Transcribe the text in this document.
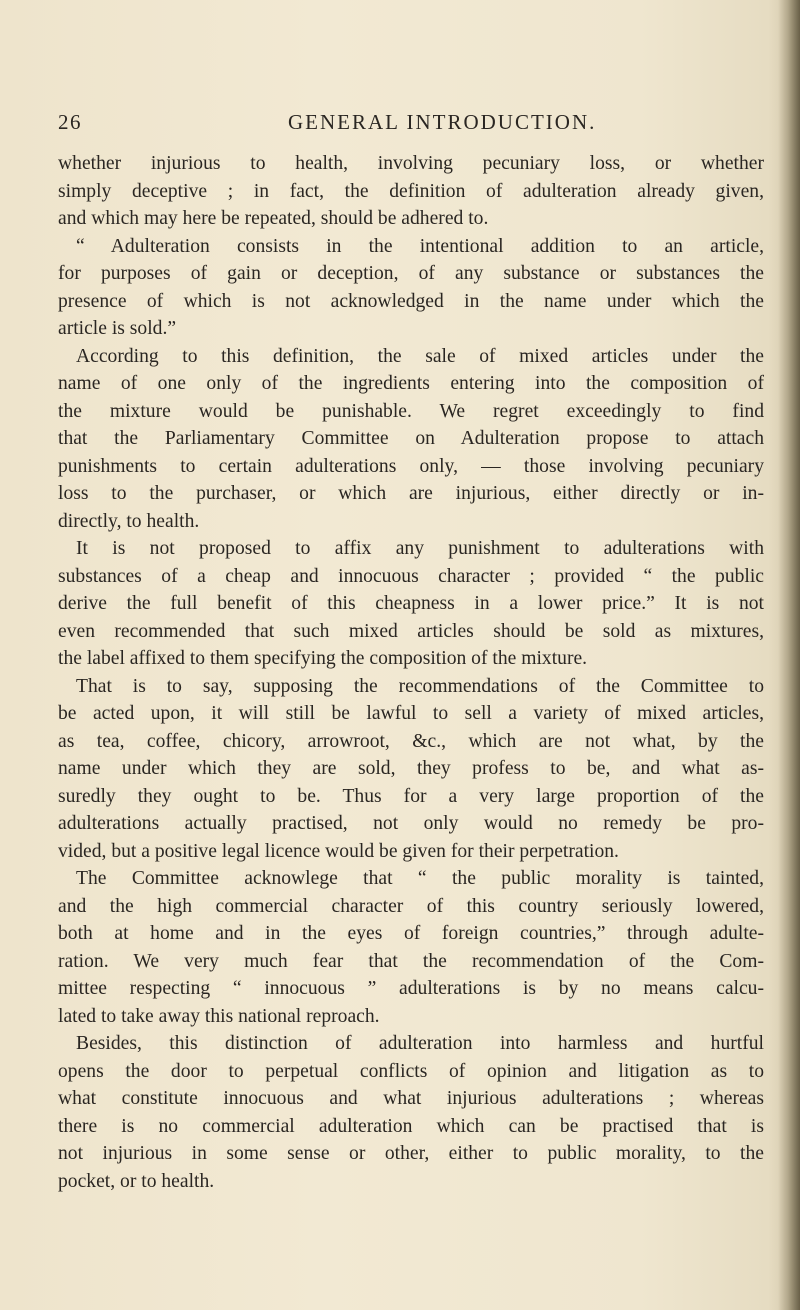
26	GENERAL INTRODUCTION.
whether injurious to health, involving pecuniary loss, or whether
simply deceptive ; in fact, the definition of adulteration already given,
and which may here be repeated, should be adhered to.
“ Adulteration consists in the intentional addition to an article,
for purposes of gain or deception, of any substance or substances the
presence of which is not acknowledged in the name under which the
article is sold.”
According to this definition, the sale of mixed articles under the
name of one only of the ingredients entering into the composition of
the mixture would be punishable. We regret exceedingly to find
that the Parliamentary Committee on Adulteration propose to attach
punishments to certain adulterations only, — those involving pecuniary
loss to the purchaser, or which are injurious, either directly or in-
directly, to health.
It is not proposed to affix any punishment to adulterations with
substances of a cheap and innocuous character ; provided “ the public
derive the full benefit of this cheapness in a lower price.” It is not
even recommended that such mixed articles should be sold as mixtures,
the label affixed to them specifying the composition of the mixture.
That is to say, supposing the recommendations of the Committee to
be acted upon, it will still be lawful to sell a variety of mixed articles,
as tea, coffee, chicory, arrowroot, &c., which are not what, by the
name under which they are sold, they profess to be, and what as-
suredly they ought to be. Thus for a very large proportion of the
adulterations actually practised, not only would no remedy be pro-
vided, but a positive legal licence would be given for their perpetration.
The Committee acknowlege that “ the public morality is tainted,
and the high commercial character of this country seriously lowered,
both at home and in the eyes of foreign countries,” through adulte-
ration. We very much fear that the recommendation of the Com-
mittee respecting “ innocuous ” adulterations is by no means calcu-
lated to take away this national reproach.
Besides, this distinction of adulteration into harmless and hurtful
opens the door to perpetual conflicts of opinion and litigation as to
what constitute innocuous and what injurious adulterations ; whereas
there is no commercial adulteration which can be practised that is
not injurious in some sense or other, either to public morality, to the
pocket, or to health.
